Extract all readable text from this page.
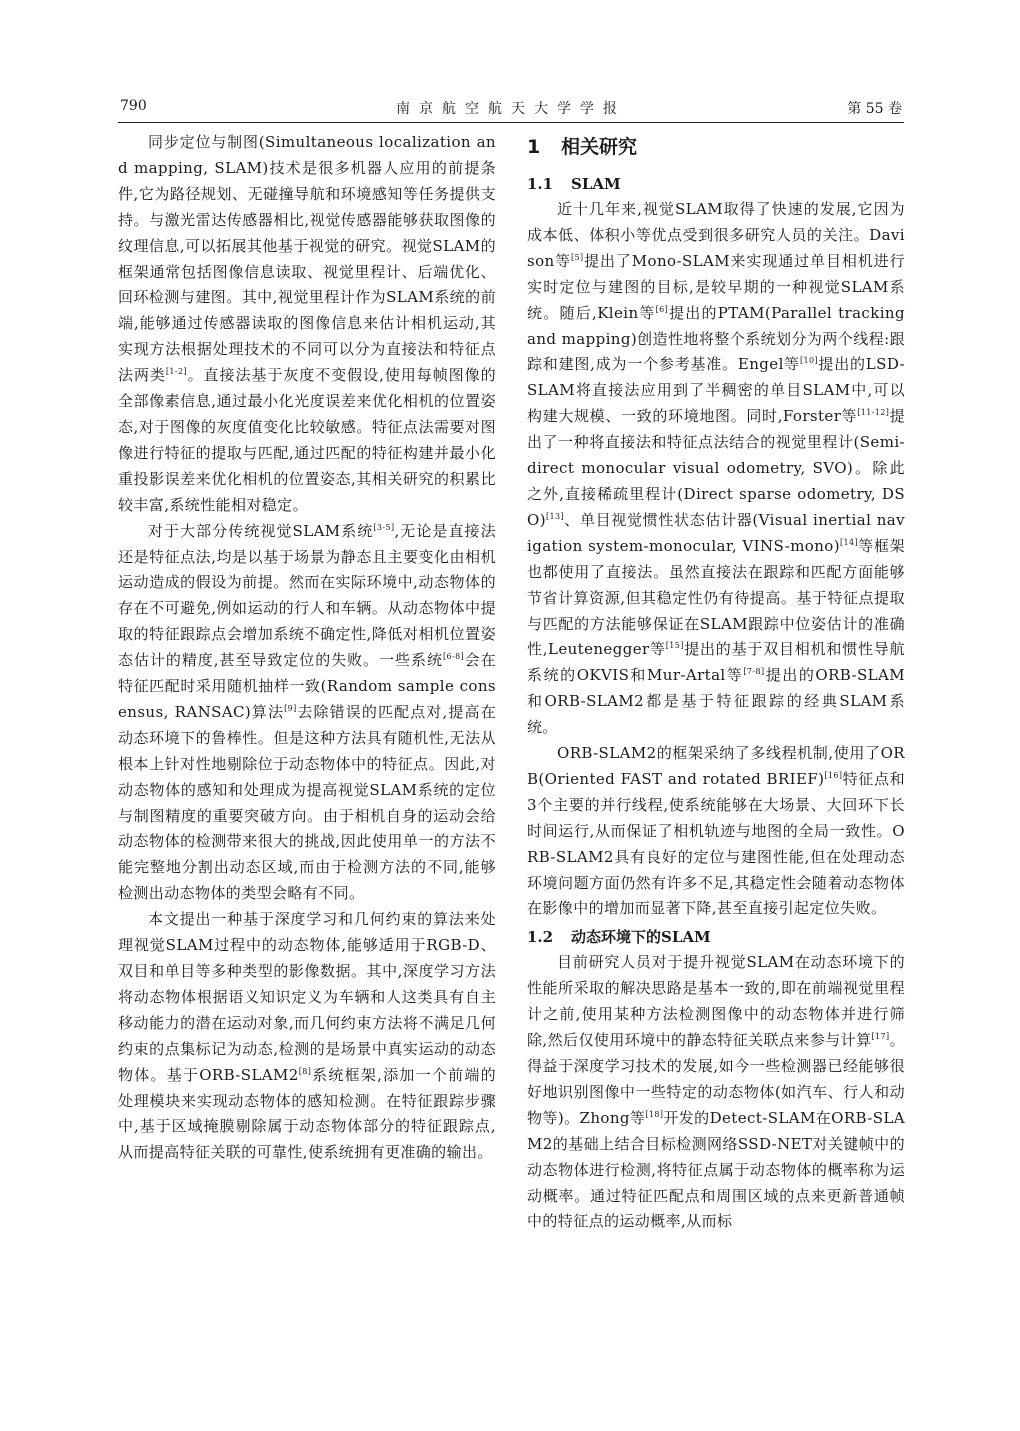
790	南京航空航天大学学报	第 55 卷

同步定位与制图(Simultaneous localization and mapping, SLAM)技术是很多机器人应用的前提条件,它为路径规划、无碰撞导航和环境感知等任务提供支持。与激光雷达传感器相比,视觉传感器能够获取图像的纹理信息,可以拓展其他基于视觉的研究。视觉SLAM的框架通常包括图像信息读取、视觉里程计、后端优化、回环检测与建图。其中,视觉里程计作为SLAM系统的前端,能够通过传感器读取的图像信息来估计相机运动,其实现方法根据处理技术的不同可以分为直接法和特征点法两类[1-2]。直接法基于灰度不变假设,使用每帧图像的全部像素信息,通过最小化光度误差来优化相机的位置姿态,对于图像的灰度值变化比较敏感。特征点法需要对图像进行特征的提取与匹配,通过匹配的特征构建并最小化重投影误差来优化相机的位置姿态,其相关研究的积累比较丰富,系统性能相对稳定。

对于大部分传统视觉SLAM系统[3-5],无论是直接法还是特征点法,均是以基于场景为静态且主要变化由相机运动造成的假设为前提。然而在实际环境中,动态物体的存在不可避免,例如运动的行人和车辆。从动态物体中提取的特征跟踪点会增加系统不确定性,降低对相机位置姿态估计的精度,甚至导致定位的失败。一些系统[6-8]会在特征匹配时采用随机抽样一致(Random sample consensus, RANSAC)算法[9]去除错误的匹配点对,提高在动态环境下的鲁棒性。但是这种方法具有随机性,无法从根本上针对性地剔除位于动态物体中的特征点。因此,对动态物体的感知和处理成为提高视觉SLAM系统的定位与制图精度的重要突破方向。由于相机自身的运动会给动态物体的检测带来很大的挑战,因此使用单一的方法不能完整地分割出动态区域,而由于检测方法的不同,能够检测出动态物体的类型会略有不同。

本文提出一种基于深度学习和几何约束的算法来处理视觉SLAM过程中的动态物体,能够适用于RGB-D、双目和单目等多种类型的影像数据。其中,深度学习方法将动态物体根据语义知识定义为车辆和人这类具有自主移动能力的潜在运动对象,而几何约束方法将不满足几何约束的点集标记为动态,检测的是场景中真实运动的动态物体。基于ORB-SLAM2[8]系统框架,添加一个前端的处理模块来实现动态物体的感知检测。在特征跟踪步骤中,基于区域掩膜剔除属于动态物体部分的特征跟踪点,从而提高特征关联的可靠性,使系统拥有更准确的输出。

1 相关研究
1.1 SLAM

近十几年来,视觉SLAM取得了快速的发展,它因为成本低、体积小等优点受到很多研究人员的关注。Davison等[5]提出了Mono-SLAM来实现通过单目相机进行实时定位与建图的目标,是较早期的一种视觉SLAM系统。随后,Klein等[6]提出的PTAM(Parallel tracking and mapping)创造性地将整个系统划分为两个线程:跟踪和建图,成为一个参考基准。Engel等[10]提出的LSD-SLAM将直接法应用到了半稠密的单目SLAM中,可以构建大规模、一致的环境地图。同时,Forster等[11-12]提出了一种将直接法和特征点法结合的视觉里程计(Semi-direct monocular visual odometry, SVO)。除此之外,直接稀疏里程计(Direct sparse odometry, DSO)[13]、单目视觉惯性状态估计器(Visual inertial navigation system-monocular, VINS-mono)[14]等框架也都使用了直接法。虽然直接法在跟踪和匹配方面能够节省计算资源,但其稳定性仍有待提高。基于特征点提取与匹配的方法能够保证在SLAM跟踪中位姿估计的准确性,Leutenegger等[15]提出的基于双目相机和惯性导航系统的OKVIS和Mur-Artal等[7-8]提出的ORB-SLAM和ORB-SLAM2都是基于特征跟踪的经典SLAM系统。

ORB-SLAM2的框架采纳了多线程机制,使用了ORB(Oriented FAST and rotated BRIEF)[16]特征点和3个主要的并行线程,使系统能够在大场景、大回环下长时间运行,从而保证了相机轨迹与地图的全局一致性。ORB-SLAM2具有良好的定位与建图性能,但在处理动态环境问题方面仍然有许多不足,其稳定性会随着动态物体在影像中的增加而显著下降,甚至直接引起定位失败。

1.2 动态环境下的SLAM

目前研究人员对于提升视觉SLAM在动态环境下的性能所采取的解决思路是基本一致的,即在前端视觉里程计之前,使用某种方法检测图像中的动态物体并进行筛除,然后仅使用环境中的静态特征关联点来参与计算[17]。得益于深度学习技术的发展,如今一些检测器已经能够很好地识别图像中一些特定的动态物体(如汽车、行人和动物等)。Zhong等[18]开发的Detect-SLAM在ORB-SLAM2的基础上结合目标检测网络SSD-NET对关键帧中的动态物体进行检测,将特征点属于动态物体的概率称为运动概率。通过特征匹配点和周围区域的点来更新普通帧中的特征点的运动概率,从而标
